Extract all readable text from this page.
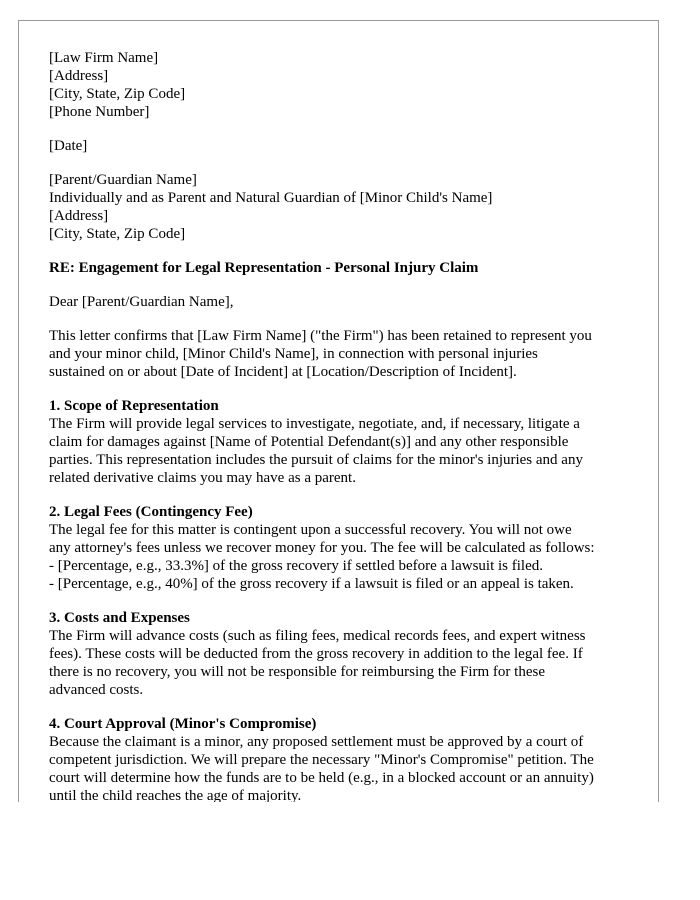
[Law Firm Name]
[Address]
[City, State, Zip Code]
[Phone Number]
[Date]
[Parent/Guardian Name]
Individually and as Parent and Natural Guardian of [Minor Child's Name]
[Address]
[City, State, Zip Code]
RE: Engagement for Legal Representation - Personal Injury Claim
Dear [Parent/Guardian Name],
This letter confirms that [Law Firm Name] ("the Firm") has been retained to represent you
and your minor child, [Minor Child's Name], in connection with personal injuries
sustained on or about [Date of Incident] at [Location/Description of Incident].
1. Scope of Representation
The Firm will provide legal services to investigate, negotiate, and, if necessary, litigate a
claim for damages against [Name of Potential Defendant(s)] and any other responsible
parties. This representation includes the pursuit of claims for the minor's injuries and any
related derivative claims you may have as a parent.
2. Legal Fees (Contingency Fee)
The legal fee for this matter is contingent upon a successful recovery. You will not owe
any attorney's fees unless we recover money for you. The fee will be calculated as follows:
- [Percentage, e.g., 33.3%] of the gross recovery if settled before a lawsuit is filed.
- [Percentage, e.g., 40%] of the gross recovery if a lawsuit is filed or an appeal is taken.
3. Costs and Expenses
The Firm will advance costs (such as filing fees, medical records fees, and expert witness
fees). These costs will be deducted from the gross recovery in addition to the legal fee. If
there is no recovery, you will not be responsible for reimbursing the Firm for these
advanced costs.
4. Court Approval (Minor's Compromise)
Because the claimant is a minor, any proposed settlement must be approved by a court of
competent jurisdiction. We will prepare the necessary "Minor's Compromise" petition. The
court will determine how the funds are to be held (e.g., in a blocked account or an annuity)
until the child reaches the age of majority.
